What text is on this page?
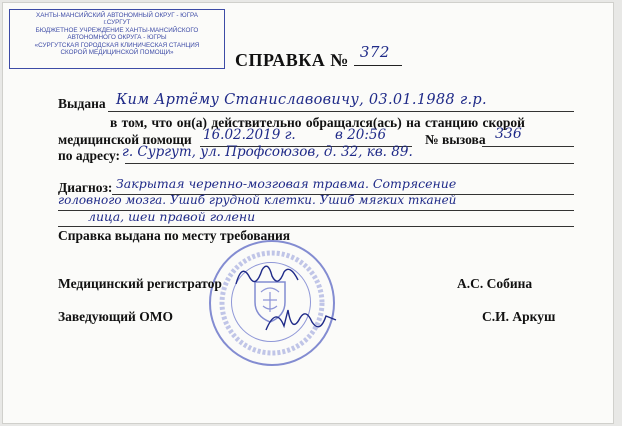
ХАНТЫ-МАНСИЙСКИЙ АВТОНОМНЫЙ ОКРУГ - ЮГРА
г.СУРГУТ
БЮДЖЕТНОЕ УЧРЕЖДЕНИЕ ХАНТЫ-МАНСИЙСКОГО
АВТОНОМНОГО ОКРУГА - ЮГРЫ
«СУРГУТСКАЯ ГОРОДСКАЯ КЛИНИЧЕСКАЯ СТАНЦИЯ
СКОРОЙ МЕДИЦИНСКОЙ ПОМОЩИ»	СПРАВКА № 372
Выдана Ким Артёму Станиславовичу, 03.01.1988 г.р.
в том, что он(а) действительно обращался(ась) на станцию скорой
медицинской помощи 16.02.2019 г.	в 20:56	№ вызова 336
по адресу: г. Сургут, ул. Профсоюзов, д. 32, кв. 89.
Диагноз: Закрытая черепно-мозговая травма. Сотрясение
головного мозга. Ушиб грудной клетки. Ушиб мягких тканей
лица, шеи правой голени
Справка выдана по месту требования
Медицинский регистратор	А.С. Собина
Заведующий ОМО	С.И. Аркуш
